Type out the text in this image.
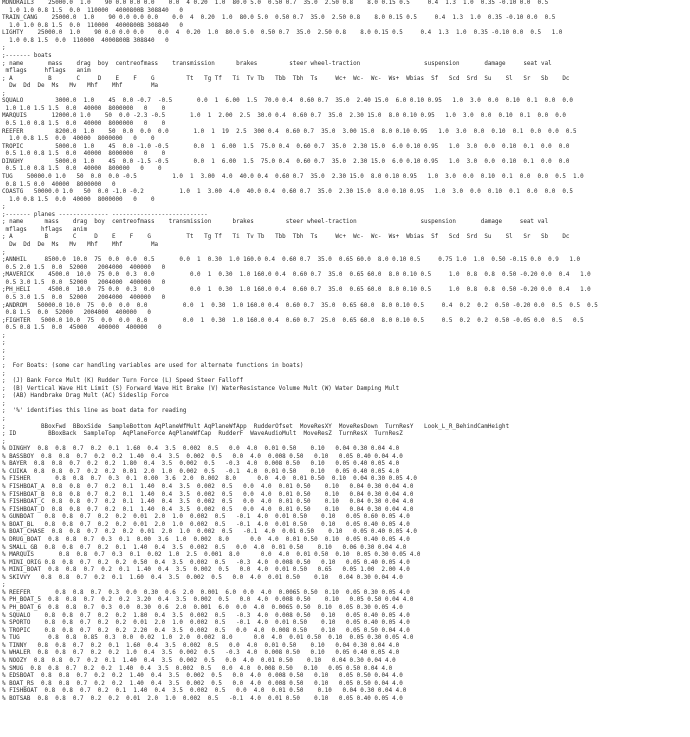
MONORAIL3    25000.0  1.0    90 0.0 0.0 0.0    0.0  4 0.20  1.0  80.0 5.0  0.50 0.7  35.0  2.50 0.8    8.0 0.15 0.5     0.4  1.3  1.0  0.35 -0.10 0.0  0.5
1.0 1.0 0.8 1.5  0.0  110000  4000800B 308840   0
TRAIN_CANG    25000.0  1.0    90 0.0 0.0 0.0    0.0  4  0.20  1.0  80.0 5.0  0.50 0.7  35.0  2.50 0.8    8.0 0.15 0.5     0.4  1.3  1.0  0.35 -0.10 0.0  0.5
1.0 1.0 0.8 1.5  0.0  110000  4000800B 308840   0
LIGHTY    25000.0  1.0    90 0.0 0.0 0.0    0.0  4  0.20  1.0  80.0 5.0  0.50 0.7  35.0  2.50 0.8    8.0 0.15 0.5     0.4  1.3  1.0  0.35 -0.10 0.0  0.5   1.0
1.0 0.8 1.5  0.0  110000  4000800B 308840   0
;
;------- boats
; name       mass    drag  boy  centreofmass    transmission      brakes         steer wheel-traction                  suspension       damage     seat val
mflags     hflags   anim
; A          B       C     D    E    F    G         Tt   Tg Tf   Ti  Tv Tb   Tbb  Tbh  Ts     Wc+  Wc-  Wc-  Ws+  Wbias  Sf   Scd  Srd  Su    Sl   Sr   Sb    Dc
Dw  Dd  De  Ms   Mv   Mhf    Mhf        Ma
;
SQUALO         3000.0  1.0    45  0.0 -0.7  -0.5       0.0  1  6.00  1.5  70.0 0.4  0.60 0.7  35.0  2.40 15.0  6.0 0.10 0.95   1.0  3.0  0.0  0.10  0.1  0.0  0.0
1.0 1.0 1.5 1.5  0.0  40000  8000000   0    0
MARQUIS       12000.0 1.0    50  0.0 -2.3 -0.5       1.0  1  2.00  2.5  30.0 0.4  0.60 0.7  35.0  2.30 15.0  8.0 0.10 0.95   1.0  3.0  0.0  0.10  0.1  0.0  0.0
0.5 1.0 0.8 1.5  0.0  40000  8000000   0    0
REEFER         8200.0  1.0    50  0.0  0.0  0.0       1.0  1  19  2.5  300 0.4  0.60 0.7  35.0  3.00 15.0  8.0 0.10 0.95   1.0  3.0  0.0  0.10  0.1  0.0  0.0  0.5
1.0 0.8 1.5  0.0  40000  8000000   0    0
TROPIC         5000.0  1.0    45  0.0 -1.0 -0.5       0.0  1  6.00  1.5  75.0 0.4  0.60 0.7  35.0  2.30 15.0  6.0 0.10 0.95   1.0  3.0  0.0  0.10  0.1  0.0  0.0
0.5 1.0 0.8 1.5  0.0  40000  8000000   0    0
DINGHY         5000.0  1.0    45  0.0 -1.5 -0.5       0.0  1  6.00  1.5  75.0 0.4  0.60 0.7  35.0  2.30 15.0  6.0 0.10 0.95   1.0  3.0  0.0  0.10  0.1  0.0  0.0
0.5 1.0 0.8 1.5  0.0  40000  800000   0    0
TUG    50000.0 1.0   50  0.0  0.0 -0.5          1.0  1  3.00  4.0  40.0 0.4  0.60 0.7  35.0  2.30 15.0  8.0 0.10 0.95   1.0  3.0  0.0  0.10  0.1  0.0  0.0  0.5  1.0
0.8 1.5 0.0  40000  8000000   0
COASTG   50000.0 1.0   50  0.0 -1.0 -0.2          1.0  1  3.00  4.0  40.0 0.4  0.60 0.7  35.0  2.30 15.0  8.0 0.10 0.95   1.0  3.0  0.0  0.10  0.1  0.0  0.0  0.5
1.0 0.8 1.5  0.0  40000  8000000   0    0
;
;------- planes -------------- ---------------------------
; name      mass    drag  boy  centreofmass    transmission      brakes         steer wheel-traction                  suspension       damage     seat val
mflags    hflags   anim
; A         B       C     D    E    F    G          Tt   Tg Tf   Ti  Tv Tb   Tbb  Tbh  Ts     Wc+  Wc-  Wc-  Ws+  Wbias  Sf   Scd  Srd  Su    Sl   Sr   Sb    Dc
Dw  Dd  De  Ms   Mv   Mhf    Mhf        Ma
;
;ANNHIL     8500.0  10.0  75  0.0  0.0  0.5       0.0  1  0.30  1.0 160.0 0.4  0.60 0.7  35.0  0.65 60.0  8.0 0.10 0.5     0.75 1.0  1.0  0.50 -0.15 0.0  0.9   1.0
0.5 2.0 1.5  0.0  52000   2004000  400000   0
;MAVERICK    4500.0  10.0  75 0.0  0.3  0.0          0.0  1  0.30  1.0 160.0 0.4  0.60 0.7  35.0  0.65 60.0  8.0 0.10 0.5     1.0  0.8  0.8  0.50 -0.20 0.0  0.4   1.0
0.5 3.0 1.5  0.0  52000   2004000  400000   0
;PH_HELI     4500.0  10.0  75 0.0  0.3  0.0          0.0  1  0.30  1.0 160.0 0.4  0.60 0.7  35.0  0.65 60.0  8.0 0.10 0.5     1.0  0.8  0.8  0.50 -0.20 0.0  0.4   1.0
0.5 3.0 1.5  0.0  52000   2004000  400000   0
;ANDROM   50000.0 10.0  75  0.0  0.0  0.0          0.0  1  0.30  1.0 160.0 0.4  0.60 0.7  35.0  0.65 60.0  8.0 0.10 0.5     0.4  0.2  0.2  0.50 -0.20 0.0  0.5  0.5  0.5
0.8 1.5  0.0  52000   2004000  400000   0
;FIGHTER   5000.0 10.0  75  0.0  0.0  0.0          0.0  1  0.30  1.0 160.0 0.4  0.60 0.7  25.0  0.65 60.0  8.0 0.10 0.5     0.5  0.2  0.2  0.50 -0.05 0.0  0.5   0.5
0.5 0.8 1.5  0.0  45000   400000  400000   0
;
;
;
;
;  For Boats: (some car handling variables are used for alternate functions in boats)
;
;  (J) Bank Force Mult (K) Rudder Turn Force (L) Speed Steer Falloff
;  (B) Vertical Wave Hit Limit (S) Forward Wave Hit Brake (V) WaterResistance Volume Mult (W) Water Damping Mult
;  (AB) Handbrake Drag Mult (AC) Sideslip Force
;
;  '%' identifies this line as boat data for reading
;
;          BBoxFwd  BBoxSide  SampleBottom AqPlaneWfMult AqPlaneWfApp  RudderOfset  MoveResXY  MoveResDown  TurnResY   Look_L_R_BehindCamHeight
; ID         BBoxBack  SampleTop  AqPlaneForce AqPlaneWfCap  RudderF  WaveAudioMult  MoveResZ  TurnResX  TurnResZ
;
% DINGHY  0.8  0.8  0.7  0.2  0.1  1.60  0.4  3.5  0.002  0.5   0.0  4.0  0.01 0.50    0.10   0.04 0.30 0.04 4.0
% BASSBOY  0.8  0.8  0.7  0.2  0.2  1.40  0.4  3.5  0.002  0.5   0.0  4.0  0.008 0.50   0.10   0.05 0.40 0.04 4.0
% BAYER  0.8  0.8  0.7  0.2  0.2  1.80  0.4  3.5  0.002  0.5   -0.3  4.0  0.008 0.50   0.10   0.05 0.40 0.05 4.0
% CUIKA  0.8  0.8  0.7  0.2  0.2  0.01  2.0  1.0  0.002  0.5   -0.1  4.0  0.01 0.50    0.10   0.05 0.40 0.05 4.0
% FISHER       0.8  0.8  0.7  0.3  0.1  0.00  3.6  2.0  0.002  8.0      0.0  4.0  0.01 0.50  0.10  0.04 0.30 0.05 4.0
% FISHBOAT_A  0.8  0.8  0.7  0.2  0.1  1.40  0.4  3.5  0.002  0.5   0.0  4.0  0.01 0.50    0.10   0.04 0.30 0.04 4.0
% FISHBOAT_B  0.8  0.8  0.7  0.2  0.1  1.40  0.4  3.5  0.002  0.5   0.0  4.0  0.01 0.50    0.10   0.04 0.30 0.04 4.0
% FISHBOAT_C  0.8  0.8  0.7  0.2  0.1  1.40  0.4  3.5  0.002  0.5   0.0  4.0  0.01 0.50    0.10   0.04 0.30 0.04 4.0
% FISHBOAT_D  0.8  0.8  0.7  0.2  0.1  1.40  0.4  3.5  0.002  0.5   0.0  4.0  0.01 0.50    0.10   0.04 0.30 0.04 4.0
% GUNBOAT   0.8  0.8  0.7  0.2  0.2  0.01  2.0  1.0  0.002  0.5   -0.1  4.0  0.01 0.50    0.10   0.05 0.60 0.05 4.0
% BOAT_BL   0.8  0.8  0.7  0.2  0.2  0.01  2.0  1.0  0.002  0.5   -0.1  4.0  0.01 0.50    0.10   0.05 0.40 0.05 4.0
% BOAT_CHASE  0.8  0.8  0.7  0.2  0.2  0.01  2.0  1.0  0.002  0.5   -0.1  4.0  0.01 0.50    0.10   0.05 0.40 0.05 4.0
% DRUG_BOAT  0.8  0.8  0.7  0.3  0.1  0.00  3.6  1.0  0.002  8.0      0.0  4.0  0.01 0.50  0.10  0.05 0.40 0.05 4.0
% SMALL_GB  0.8  0.8  0.7  0.2  0.1  1.40  0.4  3.5  0.002  0.5   0.0  4.0  0.01 0.50    0.10   0.06 0.30 0.04 4.0
% MARQUIS       0.8  0.8  0.7  0.3  0.1  0.02  1.0  2.5  0.001  8.0      0.0  4.0  0.01 0.50  0.10  0.05 0.30 0.05 4.0
% MINI_ORIG 0.8  0.8  0.7  0.2  0.2  0.50  0.4  3.5  0.002  0.5   -0.3  4.0  0.008 0.50   0.10   0.05 0.40 0.05 4.0
% MINI_BOAT  0.8  0.8  0.7  0.2  0.1  1.40  0.4  3.5  0.002  0.5   0.0  4.0  0.01 0.50   0.65   0.05 1.00  2.00 4.0
% SKIVVY   0.8  0.8  0.7  0.2  0.1  1.60  0.4  3.5  0.002  0.5   0.0  4.0  0.01 0.50    0.10   0.04 0.30 0.04 4.0
;
% REEFER       0.8  0.8  0.7  0.3  0.0  0.30  0.6  2.0  0.001  6.0  0.0  4.0  0.0065 0.50  0.10  0.05 0.30 0.05 4.0
% PH_BOAT_5  0.8  0.8  0.7  0.2  0.2  3.20  0.4  3.5  0.002  0.5   0.0  4.0  0.008 0.50    0.10   0.05 0.50 0.04 4.0
% PH_BOAT_6  0.8  0.8  0.7  0.3  0.0  0.30  0.6  2.0  0.001  6.0  0.0  4.0  0.0065 0.50  0.10  0.05 0.30 0.05 4.0
% SQUALO    0.8  0.8  0.7  0.2  0.2  1.80  0.4  3.5  0.002  0.5   -0.3  4.0  0.008 0.50   0.10   0.05 0.40 0.05 4.0
% SPORTO    0.8  0.8  0.7  0.2  0.2  0.01  2.0  1.0  0.002  0.5   -0.1  4.0  0.01 0.50    0.10   0.05 0.40 0.05 4.0
% TROPIC    0.8  0.8  0.7  0.2  0.2  2.20  0.4  3.5  0.002  0.5   0.0  4.0  0.008 0.50    0.10   0.05 0.50 0.04 4.0
% TUG        0.8  0.8  0.85  0.3  0.0  0.02  1.0  2.0  0.002  8.0      0.0  4.0  0.01 0.50  0.10  0.05 0.30 0.05 4.0
% TINNY   0.8  0.8  0.7  0.2  0.1  1.60  0.4  3.5  0.002  0.5   0.0  4.0  0.01 0.50    0.10   0.04 0.30 0.04 4.0
% WHALER  0.8  0.8  0.7  0.2  0.2  1.0  0.4  3.5  0.002  0.5   -0.3  4.0  0.008 0.50   0.10   0.05 0.40 0.05 4.0
% NOOZY  0.8  0.8  0.7  0.2  0.1  1.40  0.4  3.5  0.002  0.5   0.0  4.0  0.01 0.50    0.10   0.04 0.30 0.04 4.0
% SMUG  0.8  0.8  0.7  0.2  0.2  1.40  0.4  3.5  0.002  0.5   0.0  4.0  0.008 0.50   0.10   0.05 0.50 0.04 4.0
% EDSBOAT  0.8  0.8  0.7  0.2  0.2  1.40  0.4  3.5  0.002  0.5   0.0  4.0  0.008 0.50   0.10   0.05 0.50 0.04 4.0
% BOAT_RS  0.8  0.8  0.7  0.2  0.2  1.40  0.4  3.5  0.002  0.5   0.0  4.0  0.008 0.50   0.10   0.05 0.50 0.04 4.0
% FISHBOAT  0.8  0.8  0.7  0.2  0.1  1.40  0.4  3.5  0.002  0.5   0.0  4.0  0.01 0.50    0.10   0.04 0.30 0.04 4.0
% BOTSAB  0.8  0.8  0.7  0.2  0.2  0.01  2.0  1.0  0.002  0.5   -0.1  4.0  0.01 0.50    0.10   0.05 0.40 0.05 4.0
